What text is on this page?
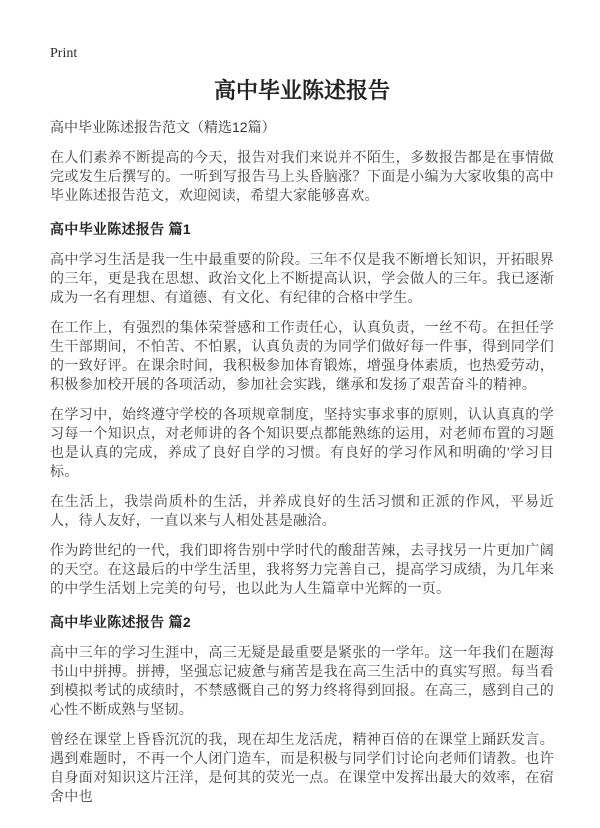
Print
高中毕业陈述报告
高中毕业陈述报告范文（精选12篇）

在人们素养不断提高的今天，报告对我们来说并不陌生，多数报告都是在事情做完或发生后撰写的。一听到写报告马上头昏脑涨？下面是小编为大家收集的高中毕业陈述报告范文，欢迎阅读，希望大家能够喜欢。

高中毕业陈述报告 篇1

高中学习生活是我一生中最重要的阶段。三年不仅是我不断增长知识，开拓眼界的三年，更是我在思想、政治文化上不断提高认识，学会做人的三年。我已逐渐成为一名有理想、有道德、有文化、有纪律的合格中学生。

在工作上，有强烈的集体荣誉感和工作责任心，认真负责，一丝不苟。在担任学生干部期间，不怕苦、不怕累，认真负责的为同学们做好每一件事，得到同学们的一致好评。在课余时间，我积极参加体育锻炼，增强身体素质，也热爱劳动，积极参加校开展的各项活动，参加社会实践，继承和发扬了艰苦奋斗的精神。

在学习中，始终遵守学校的各项规章制度，坚持实事求事的原则，认认真真的学习每一个知识点，对老师讲的各个知识要点都能熟练的运用，对老师布置的习题也是认真的完成，养成了良好自学的习惯。有良好的学习作风和明确的'学习目标。

在生活上，我崇尚质朴的生活，并养成良好的生活习惯和正派的作风，平易近人，待人友好，一直以来与人相处甚是融洽。

作为跨世纪的一代，我们即将告别中学时代的酸甜苦辣，去寻找另一片更加广阔的天空。在这最后的中学生活里，我将努力完善自己，提高学习成绩，为几年来的中学生活划上完美的句号，也以此为人生篇章中光辉的一页。

高中毕业陈述报告 篇2

高中三年的学习生涯中，高三无疑是最重要是紧张的一学年。这一年我们在题海书山中拼搏。拼搏，坚强忘记疲惫与痛苦是我在高三生活中的真实写照。每当看到模拟考试的成绩时，不禁感慨自己的努力终将得到回报。在高三，感到自己的心性不断成熟与坚韧。

曾经在课堂上昏昏沉沉的我，现在却生龙活虎，精神百倍的在课堂上踊跃发言。遇到难题时，不再一个人闭门造车，而是积极与同学们讨论向老师们请教。也许自身面对知识这片汪洋，是何其的荧光一点。在课堂中发挥出最大的效率，在宿舍中也
